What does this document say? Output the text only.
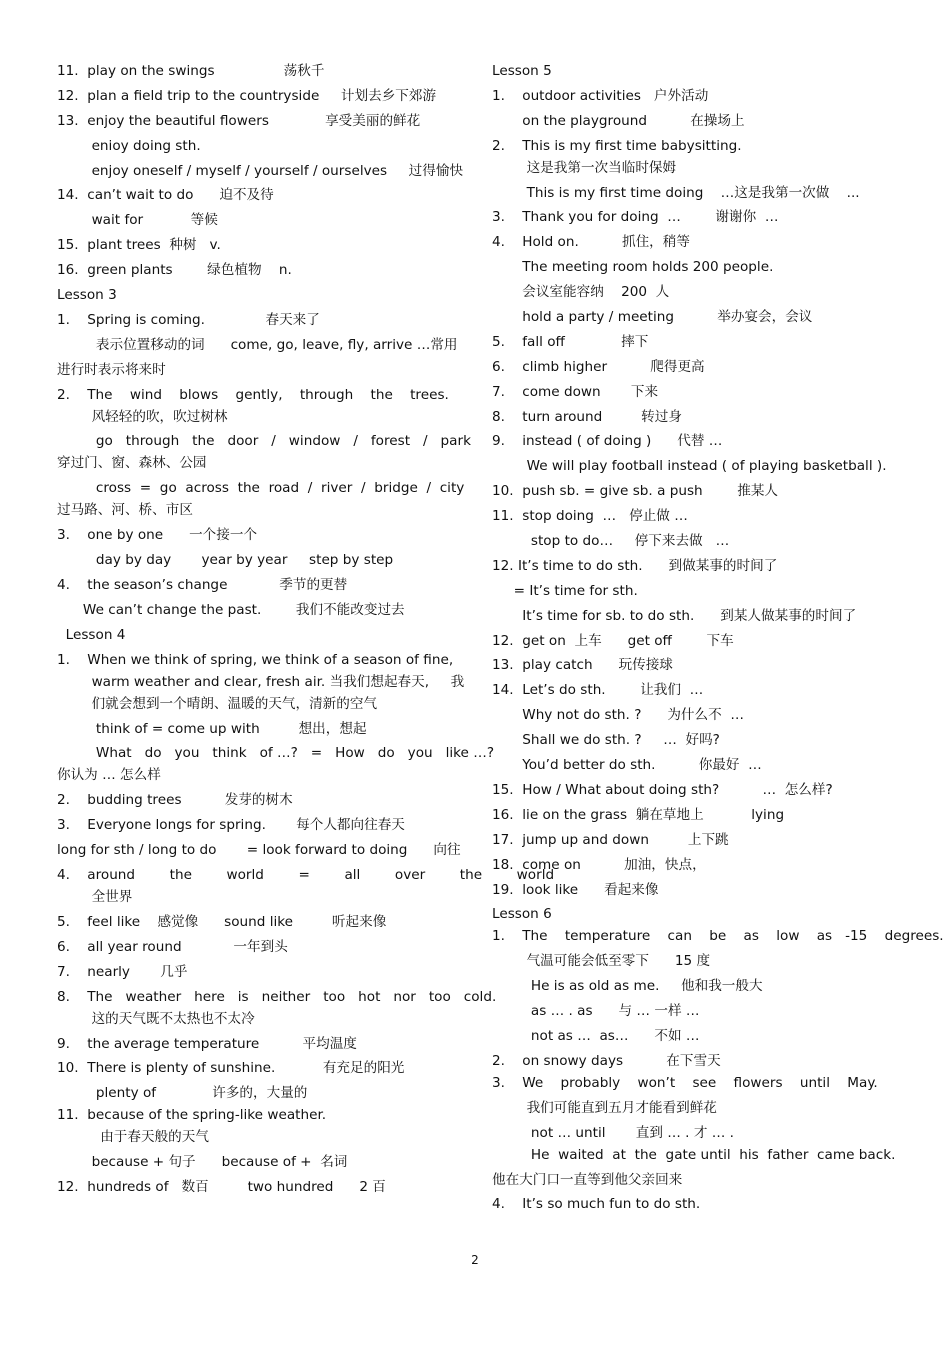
11.  play on the swings                荡秋千
12.  plan a field trip to the countryside     计划去乡下郊游
13.  enjoy the beautiful flowers             享受美丽的鲜花
enioy doing sth.
enjoy oneself / myself / yourself / ourselves     过得愉快
14.  can’t wait to do      迫不及待
wait for           等候
15.  plant trees  种树   v.
16.  green plants        绿色植物    n.
Lesson 3
1.    Spring is coming.              春天来了
表示位置移动的词      come, go, leave, fly, arrive …常用
进行时表示将来时
2.    The    wind    blows    gently,    through    the    trees.
风轻轻的吹，吹过树林
go   through   the   door   /   window   /   forest   /   park
穿过门、窗、森林、公园
cross  =  go  across  the  road  /  river  /  bridge  /  city
过马路、河、桥、市区
3.    one by one      一个接一个
day by day       year by year     step by step
4.    the season’s change            季节的更替
We can’t change the past.        我们不能改变过去
Lesson 4
1.    When we think of spring, we think of a season of fine,
warm weather and clear, fresh air. 当我们想起春天,     我
们就会想到一个晴朗、温暖的天气，清新的空气
think of = come up with         想出，想起
What   do   you   think   of …?   =   How   do   you   like …?
你认为 … 怎么样
2.    budding trees          发芽的树木
3.    Everyone longs for spring.       每个人都向往春天
long for sth / long to do       = look forward to doing      向往
4.    around        the        world        =        all        over        the        world
全世界
5.    feel like    感觉像      sound like         听起来像
6.    all year round            一年到头
7.    nearly       几乎
8.    The   weather   here   is   neither   too   hot   nor   too   cold.
这的天气既不太热也不太冷
9.    the average temperature          平均温度
10.  There is plenty of sunshine.           有充足的阳光
plenty of             许多的，大量的
11.  because of the spring-like weather.
由于春天般的天气
because + 句子      because of +  名词
12.  hundreds of   数百         two hundred      2 百
Lesson 5
1.    outdoor activities   户外活动
on the playground          在操场上
2.    This is my first time babysitting.
这是我第一次当临时保姆
This is my first time doing    …这是我第一次做    ...
3.    Thank you for doing  …        谢谢你  …
4.    Hold on.          抓住，稍等
The meeting room holds 200 people.
会议室能容纳    200  人
hold a party / meeting          举办宴会，会议
5.    fall off             摔下
6.    climb higher          爬得更高
7.    come down       下来
8.    turn around         转过身
9.    instead ( of doing )      代替 …
We will play football instead ( of playing basketball ).
10.  push sb. = give sb. a push        推某人
11.  stop doing  …   停止做 …
stop to do…     停下来去做   …
12. It’s time to do sth.      到做某事的时间了
= It’s time for sth.
It’s time for sb. to do sth.      到某人做某事的时间了
12.  get on  上车      get off        下车
13.  play catch      玩传接球
14.  Let’s do sth.        让我们  …
Why not do sth. ?      为什么不  …
Shall we do sth. ?     …  好吗?
You’d better do sth.          你最好  …
15.  How / What about doing sth?          …  怎么样?
16.  lie on the grass  躺在草地上           lying
17.  jump up and down         上下跳
18.  come on          加油，快点，
19.  look like      看起来像
Lesson 6
1.    The    temperature    can    be    as    low    as   -15    degrees.
气温可能会低至零下      15 度
He is as old as me.     他和我一般大
as … . as      与 … 一样 …
not as …  as…      不如 …
2.    on snowy days          在下雪天
3.    We    probably    won’t    see    flowers    until    May.
我们可能直到五月才能看到鲜花
not … until       直到 … . 才 … .
He  waited  at  the  gate until  his  father  came back.
他在大门口一直等到他父亲回来
4.    It’s so much fun to do sth.
2
